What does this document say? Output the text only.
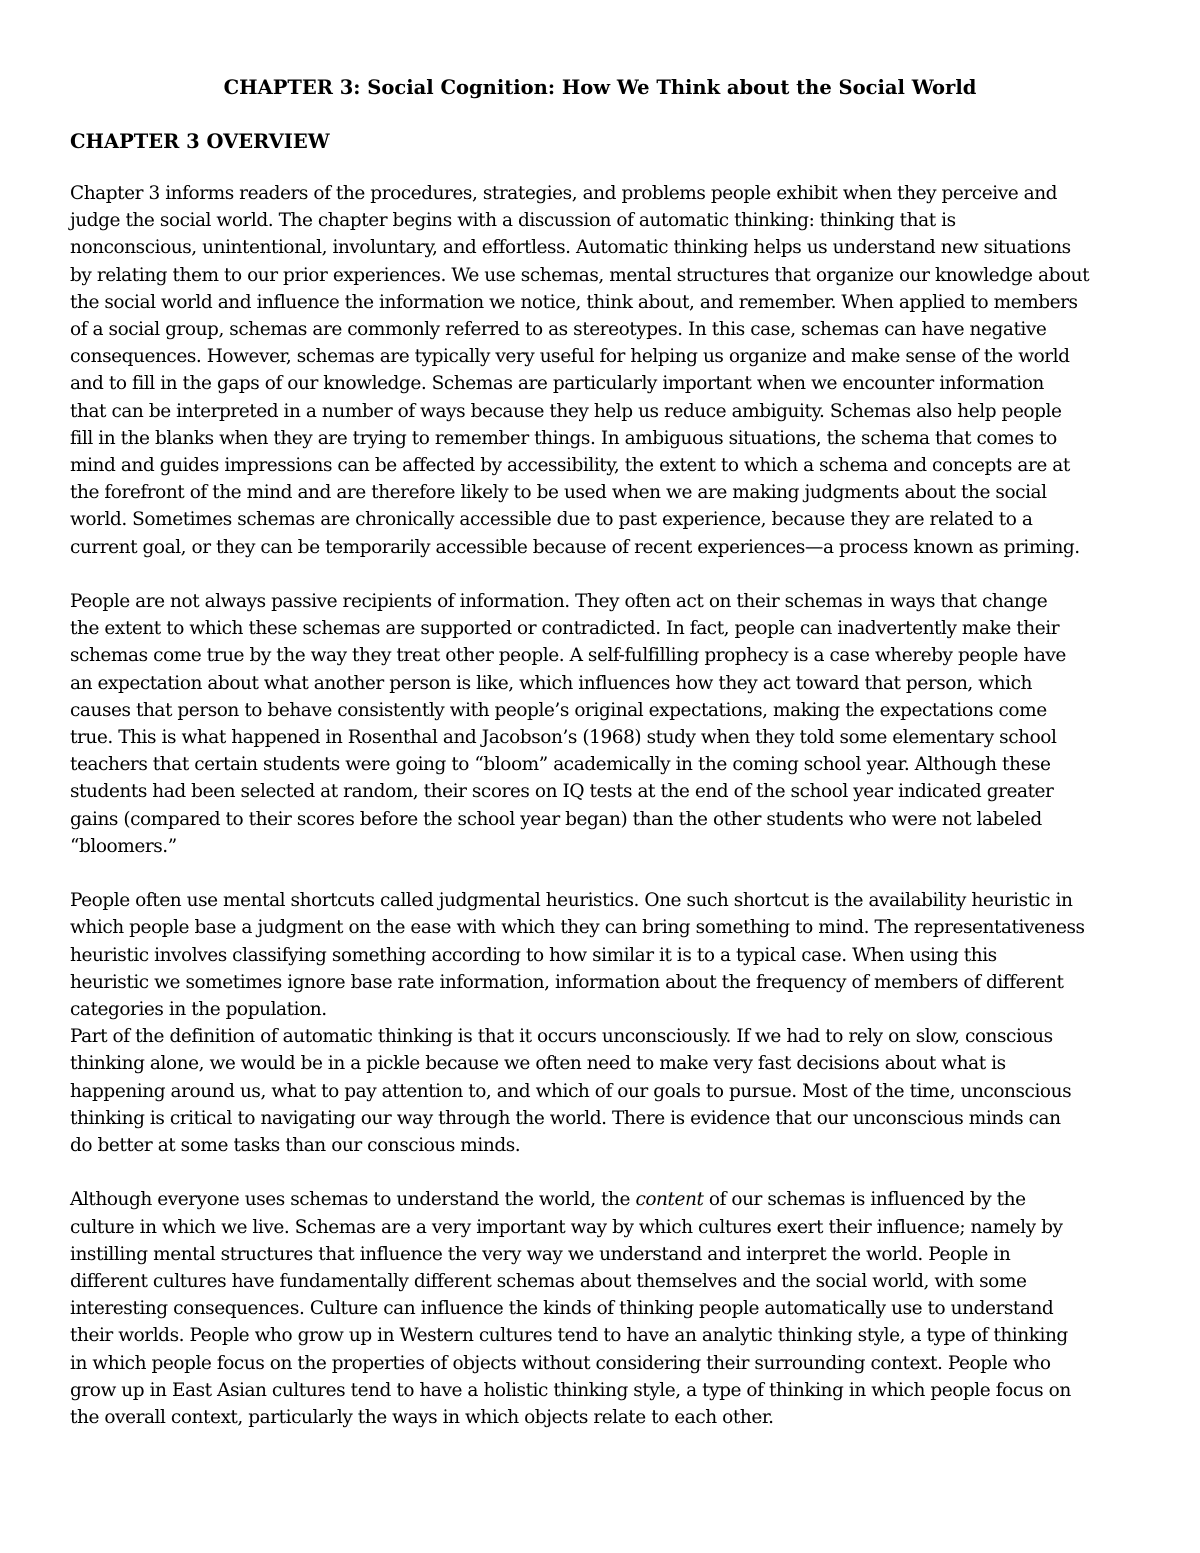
CHAPTER 3: Social Cognition: How We Think about the Social World
CHAPTER 3 OVERVIEW

Chapter 3 informs readers of the procedures, strategies, and problems people exhibit when they perceive and
judge the social world. The chapter begins with a discussion of automatic thinking: thinking that is
nonconscious, unintentional, involuntary, and effortless. Automatic thinking helps us understand new situations
by relating them to our prior experiences. We use schemas, mental structures that organize our knowledge about
the social world and influence the information we notice, think about, and remember. When applied to members
of a social group, schemas are commonly referred to as stereotypes. In this case, schemas can have negative
consequences. However, schemas are typically very useful for helping us organize and make sense of the world
and to fill in the gaps of our knowledge. Schemas are particularly important when we encounter information
that can be interpreted in a number of ways because they help us reduce ambiguity. Schemas also help people
fill in the blanks when they are trying to remember things. In ambiguous situations, the schema that comes to
mind and guides impressions can be affected by accessibility, the extent to which a schema and concepts are at
the forefront of the mind and are therefore likely to be used when we are making judgments about the social
world. Sometimes schemas are chronically accessible due to past experience, because they are related to a
current goal, or they can be temporarily accessible because of recent experiences—a process known as priming.

People are not always passive recipients of information. They often act on their schemas in ways that change
the extent to which these schemas are supported or contradicted. In fact, people can inadvertently make their
schemas come true by the way they treat other people. A self-fulfilling prophecy is a case whereby people have
an expectation about what another person is like, which influences how they act toward that person, which
causes that person to behave consistently with people’s original expectations, making the expectations come
true. This is what happened in Rosenthal and Jacobson’s (1968) study when they told some elementary school
teachers that certain students were going to “bloom” academically in the coming school year. Although these
students had been selected at random, their scores on IQ tests at the end of the school year indicated greater
gains (compared to their scores before the school year began) than the other students who were not labeled
“bloomers.”

People often use mental shortcuts called judgmental heuristics. One such shortcut is the availability heuristic in
which people base a judgment on the ease with which they can bring something to mind. The representativeness
heuristic involves classifying something according to how similar it is to a typical case. When using this
heuristic we sometimes ignore base rate information, information about the frequency of members of different
categories in the population.

Part of the definition of automatic thinking is that it occurs unconsciously. If we had to rely on slow, conscious
thinking alone, we would be in a pickle because we often need to make very fast decisions about what is
happening around us, what to pay attention to, and which of our goals to pursue. Most of the time, unconscious
thinking is critical to navigating our way through the world. There is evidence that our unconscious minds can
do better at some tasks than our conscious minds.

Although everyone uses schemas to understand the world, the content of our schemas is influenced by the
culture in which we live. Schemas are a very important way by which cultures exert their influence; namely by
instilling mental structures that influence the very way we understand and interpret the world. People in
different cultures have fundamentally different schemas about themselves and the social world, with some
interesting consequences. Culture can influence the kinds of thinking people automatically use to understand
their worlds. People who grow up in Western cultures tend to have an analytic thinking style, a type of thinking
in which people focus on the properties of objects without considering their surrounding context. People who
grow up in East Asian cultures tend to have a holistic thinking style, a type of thinking in which people focus on
the overall context, particularly the ways in which objects relate to each other.
